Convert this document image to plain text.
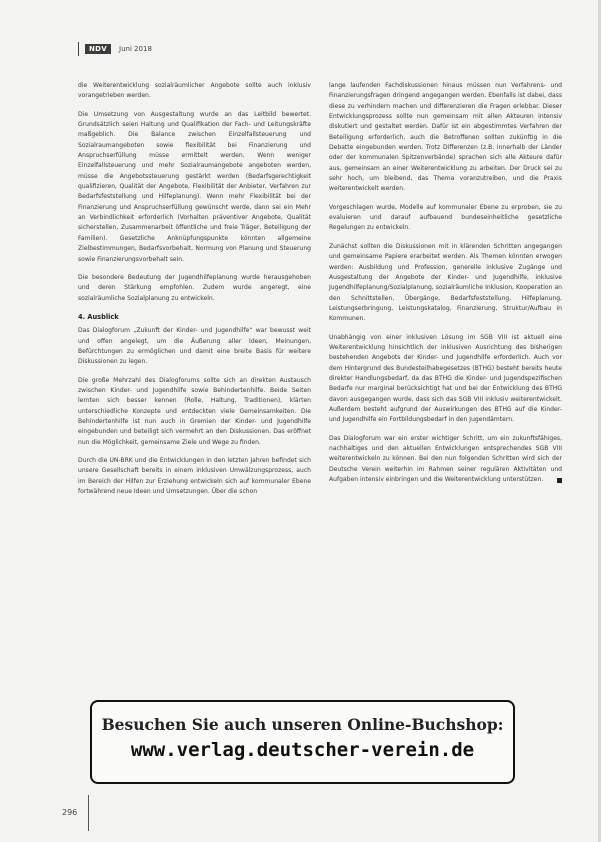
NDV	Juni 2018

die Weiterentwicklung sozialräumlicher Angebote sollte auch inklusiv vorangetrieben werden.

Die Umsetzung von Ausgestaltung wurde an das Leitbild bewertet. Grundsätzlich seien Haltung und Qualifikation der Fach- und Leitungskräfte maßgeblich. Die Balance zwischen Einzelfallsteuerung und Sozialraumangeboten sowie flexibilität bei Finanzierung und Anspruchserfüllung müsse ermittelt werden. Wenn weniger Einzelfallsteuerung und mehr Sozialraumangebote angeboten werden, müsse die Angebotssteuerung gestärkt werden (Bedarfsgerechtigkeit qualifizieren, Qualität der Angebote, Flexibilität der Anbieter, Verfahren zur Bedarfsfeststellung und Hilfeplanung). Wenn mehr Flexibilität bei der Finanzierung und Anspruchserfüllung gewünscht werde, dann sei ein Mehr an Verbindlichkeit erforderlich (Vorhalten präventiver Angebote, Qualität sicherstellen, Zusammenarbeit öffentliche und freie Träger, Beteiligung der Familien). Gesetzliche Anknüpfungspunkte könnten allgemeine Zielbestimmungen, Bedarfsvorbehalt, Normung von Planung und Steuerung sowie Finanzierungsvorbehalt sein.

Die besondere Bedeutung der Jugendhilfeplanung wurde herausgehoben und deren Stärkung empfohlen. Zudem wurde angeregt, eine sozialräumliche Sozialplanung zu entwickeln.

4. Ausblick

Das Dialogforum „Zukunft der Kinder- und Jugendhilfe“ war bewusst weit und offen angelegt, um die Äußerung aller Ideen, Meinungen, Befürchtungen zu ermöglichen und damit eine breite Basis für weitere Diskussionen zu legen.

Die große Mehrzahl des Dialogforums sollte sich an direkten Austausch zwischen Kinder- und Jugendhilfe sowie Behindertenhilfe. Beide Seiten lernten sich besser kennen (Rolle, Haltung, Traditionen), klärten unterschiedliche Konzepte und entdeckten viele Gemeinsamkeiten. Die Behindertenhilfe ist nun auch in Gremien der Kinder- und Jugendhilfe eingebunden und beteiligt sich vermehrt an den Diskussionen. Das eröffnet nun die Möglichkeit, gemeinsame Ziele und Wege zu finden.

Durch die UN-BRK und die Entwicklungen in den letzten Jahren befindet sich unsere Gesellschaft bereits in einem inklusiven Umwälzungsprozess, auch im Bereich der Hilfen zur Erziehung entwickeln sich auf kommunaler Ebene fortwährend neue Ideen und Umsetzungen. Über die schon

lange laufenden Fachdiskussionen hinaus müssen nun Verfahrens- und Finanzierungsfragen dringend angegangen werden. Ebenfalls ist dabei, dass diese zu verhindern machen und differenzieren die Fragen erlebbar. Dieser Entwicklungsprozess sollte nun gemeinsam mit allen Akteuren intensiv diskutiert und gestaltet werden. Dafür ist ein abgestimmtes Verfahren der Beteiligung erforderlich, auch die Betroffenen sollten zukünftig in die Debatte eingebunden werden. Trotz Differenzen (z.B. innerhalb der Länder oder der kommunalen Spitzenverbände) sprachen sich alle Akteure dafür aus, gemeinsam an einer Weiterentwicklung zu arbeiten. Der Druck sei zu sehr hoch, um bleibend, das Thema voranzutreiben, und die Praxis weiterentwickelt werden.

Vorgeschlagen wurde, Modelle auf kommunaler Ebene zu erproben, sie zu evaluieren und darauf aufbauend bundeseinheitliche gesetzliche Regelungen zu entwickeln.

Zunächst sollten die Diskussionen mit in klärenden Schritten angegangen und gemeinsame Papiere erarbeitet werden. Als Themen könnten erwogen werden: Ausbildung und Profession, generelle inklusive Zugänge und Ausgestaltung der Angebote der Kinder- und Jugendhilfe, inklusive Jugendhilfeplanung/Sozialplanung, sozialräumliche Inklusion, Kooperation an den Schnittstellen, Übergänge, Bedarfsfeststellung, Hilfeplanung, Leistungserbringung, Leistungskatalog, Finanzierung, Struktur/Aufbau in Kommunen.

Unabhängig von einer inklusiven Lösung im SGB VIII ist aktuell eine Weiterentwicklung hinsichtlich der inklusiven Ausrichtung des bisherigen bestehenden Angebots der Kinder- und Jugendhilfe erforderlich. Auch vor dem Hintergrund des Bundesteilhabegesetzes (BTHG) besteht bereits heute direkter Handlungsbedarf, da das BTHG die Kinder- und Jugendspezifischen Bedarfe nur marginal berücksichtigt hat und bei der Entwicklung des BTHG davon ausgegangen wurde, dass sich das SGB VIII inklusiv weiterentwickelt. Außerdem besteht aufgrund der Auswirkungen des BTHG auf die Kinder- und Jugendhilfe ein Fortbildungsbedarf in den Jugendämtern.

Das Dialogforum war ein erster wichtiger Schritt, um ein zukunftsfähiges, nachhaltiges und den aktuellen Entwicklungen entsprechendes SGB VIII weiterentwickeln zu können. Bei den nun folgenden Schritten wird sich der Deutsche Verein weiterhin im Rahmen seiner regulären Aktivitäten und Aufgaben intensiv einbringen und die Weiterentwicklung unterstützen.

Besuchen Sie auch unseren Online-Buchshop:
www.verlag.deutscher-verein.de
296
